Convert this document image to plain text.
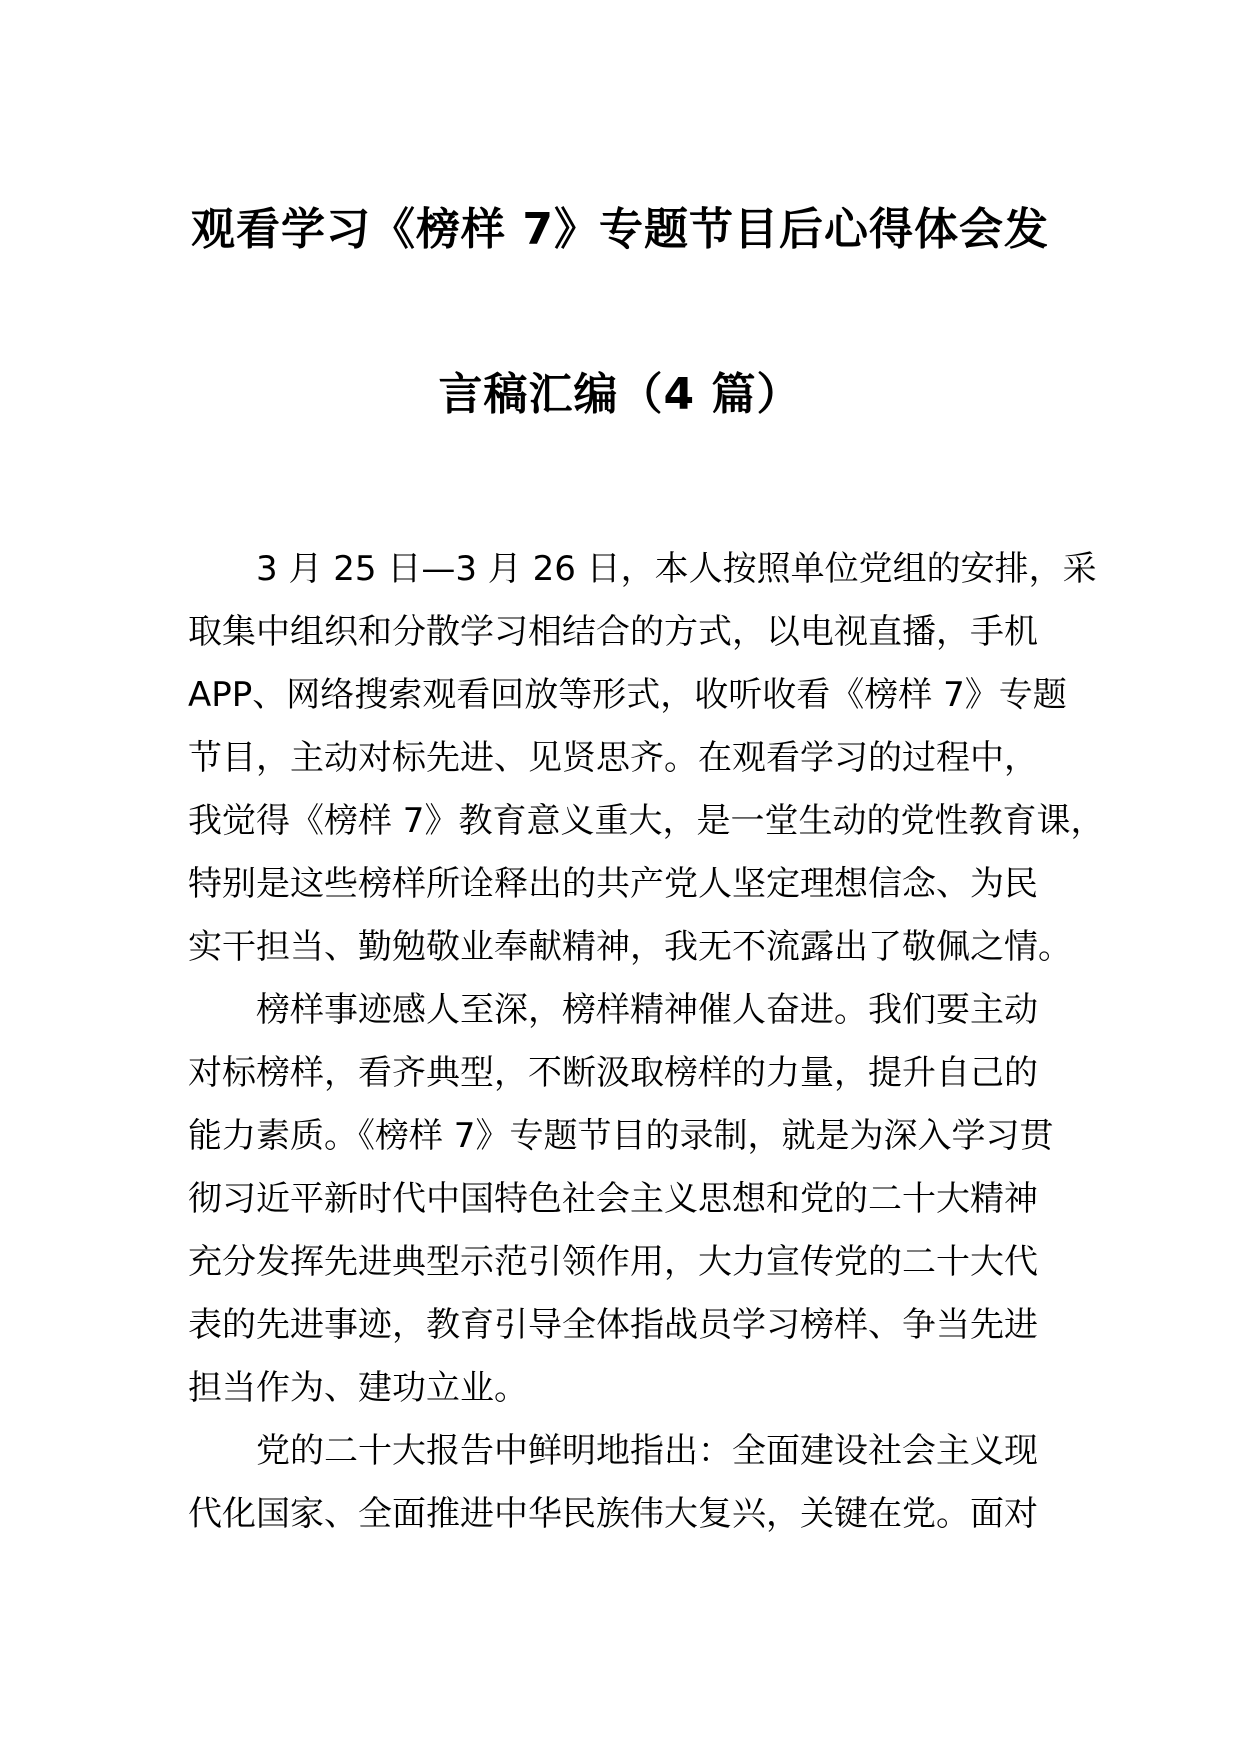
观看学习《榜样 7》专题节目后心得体会发
言稿汇编（4 篇）
3 月 25 日—3 月 26 日，本人按照单位党组的安排，采
取集中组织和分散学习相结合的方式，以电视直播，手机
APP、网络搜索观看回放等形式，收听收看《榜样 7》专题
节目，主动对标先进、见贤思齐。在观看学习的过程中，
我觉得《榜样 7》教育意义重大，是一堂生动的党性教育课，
特别是这些榜样所诠释出的共产党人坚定理想信念、为民
实干担当、勤勉敬业奉献精神，我无不流露出了敬佩之情。
榜样事迹感人至深，榜样精神催人奋进。我们要主动
对标榜样，看齐典型，不断汲取榜样的力量，提升自己的
能力素质。《榜样 7》专题节目的录制，就是为深入学习贯
彻习近平新时代中国特色社会主义思想和党的二十大精神
充分发挥先进典型示范引领作用，大力宣传党的二十大代
表的先进事迹，教育引导全体指战员学习榜样、争当先进
担当作为、建功立业。
党的二十大报告中鲜明地指出：全面建设社会主义现
代化国家、全面推进中华民族伟大复兴，关键在党。面对
